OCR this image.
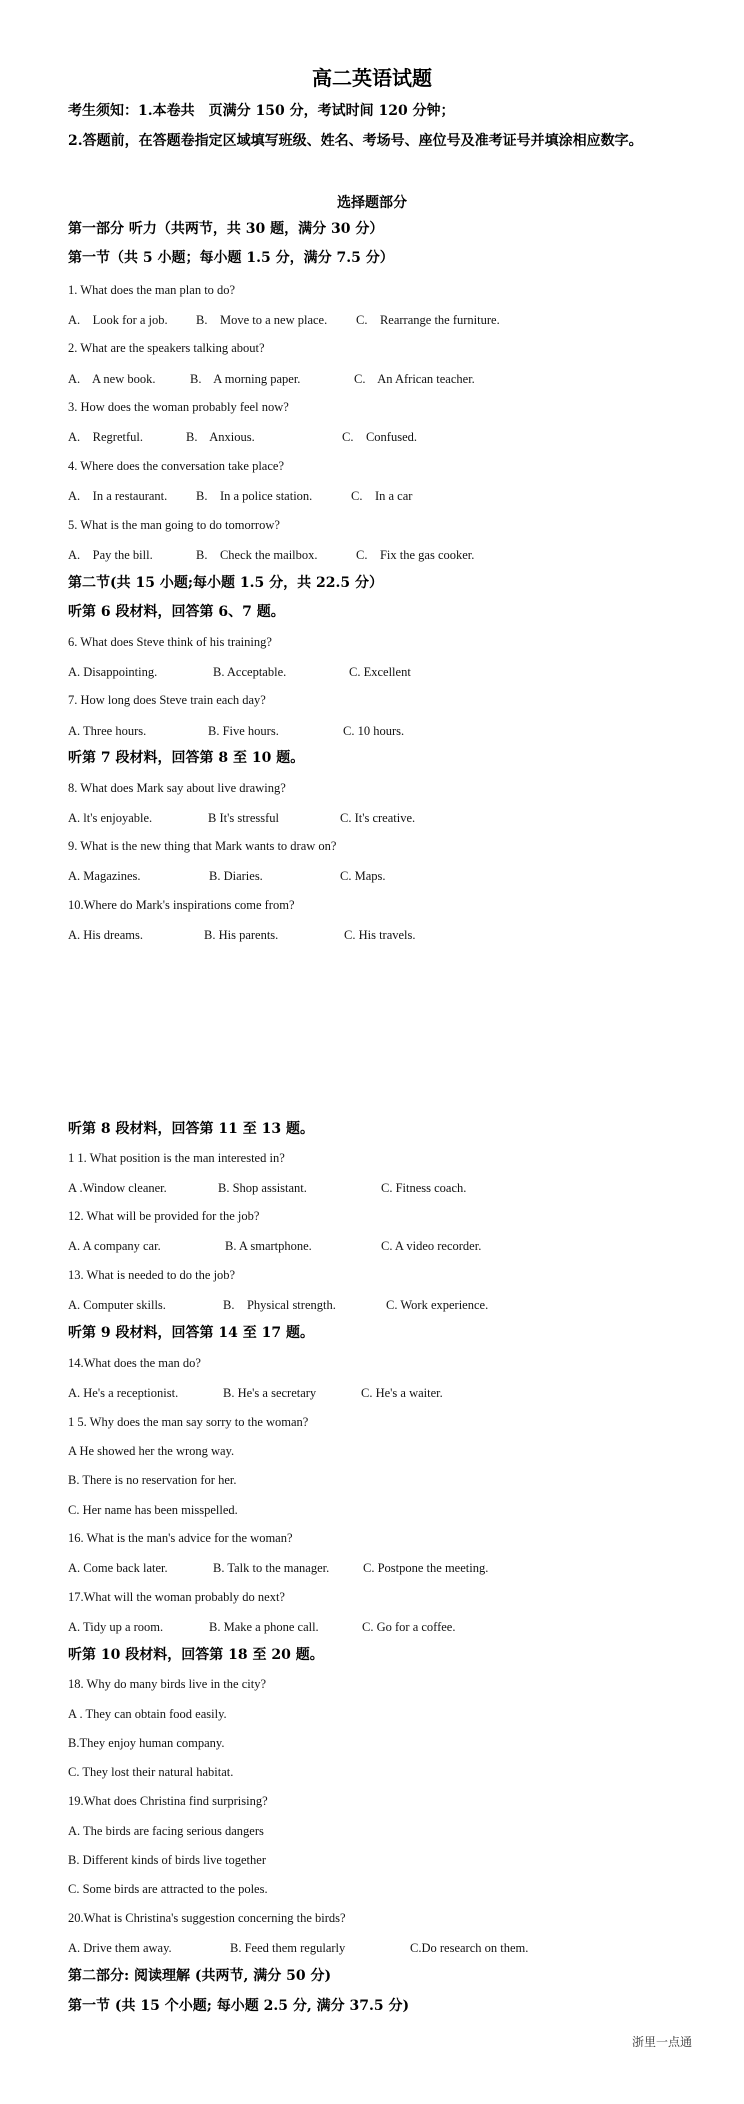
高二英语试题
考生须知：1.本卷共　页满分 150 分，考试时间 120 分钟；
2.答题前，在答题卷指定区域填写班级、姓名、考场号、座位号及准考证号并填涂相应数字。
选择题部分
第一部分 听力（共两节，共 30 题，满分 30 分）
第一节（共 5 小题；每小题 1.5 分，满分 7.5 分）
1. What does the man plan to do?
A.    Look for a job. B.    Move to a new place. C.    Rearrange the furniture.
2. What are the speakers talking about?
A.    A new book.	B.    A morning paper.	C.    An African teacher.
3. How does the woman probably feel now?
A.    Regretful.	B.    Anxious.	C.    Confused.
4. Where does the conversation take place?
A.    In a restaurant. B.    In a police station.	C.    In a car
5. What is the man going to do tomorrow?
A.    Pay the bill.	B.    Check the mailbox.	C.    Fix the gas cooker.
第二节(共 15 小题;每小题 1.5 分，共 22.5 分）
听第 6 段材料，回答第 6、7 题。
6. What does Steve think of his training?
A. Disappointing.	B. Acceptable.	C. Excellent
7. How long does Steve train each day?
A. Three hours.	B. Five hours.	C. 10 hours.
听第 7 段材料，回答第 8 至 10 题。
8. What does Mark say about live drawing?
A. lt's enjoyable.	B It's stressful	C. It's creative.
9. What is the new thing that Mark wants to draw on?
A. Magazines.	B. Diaries.	C. Maps.
10.Where do Mark's inspirations come from?
A. His dreams.	B. His parents.	C. His travels.
听第 8 段材料，回答第 11 至 13 题。
1 1. What position is the man interested in?
A .Window cleaner.	B. Shop assistant.	C. Fitness coach.
12. What will be provided for the job?
A. A company car.	B. A smartphone.	C. A video recorder.
13. What is needed to do the job?
A. Computer skills.	B.    Physical strength.	C. Work experience.
听第 9 段材料，回答第 14 至 17 题。
14.What does the man do?
A. He's a receptionist.	B. He's a secretary	C. He's a waiter.
1 5. Why does the man say sorry to the woman?
A He showed her the wrong way.
B. There is no reservation for her.
C. Her name has been misspelled.
16. What is the man's advice for the woman?
A. Come back later.	B. Talk to the manager.	C. Postpone the meeting.
17.What will the woman probably do next?
A. Tidy up a room.	B. Make a phone call.	C. Go for a coffee.
听第 10 段材料，回答第 18 至 20 题。
18. Why do many birds live in the city?
A . They can obtain food easily.
B.They enjoy human company.
C. They lost their natural habitat.
19.What does Christina find surprising?
A. The birds are facing serious dangers
B. Different kinds of birds live together
C. Some birds are attracted to the poles.
20.What is Christina's suggestion concerning the birds?
A. Drive them away.	B. Feed them regularly	C.Do research on them.
第二部分: 阅读理解 (共两节, 满分 50 分)
第一节 (共 15 个小题; 每小题 2.5 分, 满分 37.5 分)
浙里一点通
